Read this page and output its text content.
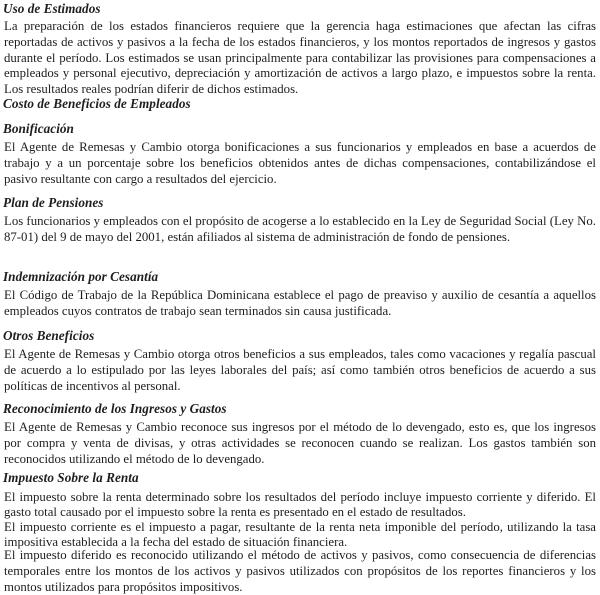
Uso de Estimados

La preparación de los estados financieros requiere que la gerencia haga estimaciones que afectan las cifras reportadas de activos y pasivos a la fecha de los estados financieros, y los montos reportados de ingresos y gastos durante el período. Los estimados se usan principalmente para contabilizar las provisiones para compensaciones a empleados y personal ejecutivo, depreciación y amortización de activos a largo plazo, e impuestos sobre la renta. Los resultados reales podrían diferir de dichos estimados.

Costo de Beneficios de Empleados
Bonificación

El Agente de Remesas y Cambio otorga bonificaciones a sus funcionarios y empleados en base a acuerdos de trabajo y a un porcentaje sobre los beneficios obtenidos antes de dichas compensaciones, contabilizándose el pasivo resultante con cargo a resultados del ejercicio.

Plan de Pensiones

Los funcionarios y empleados con el propósito de acogerse a lo establecido en la Ley de Seguridad Social (Ley No. 87-01) del 9 de mayo del 2001, están afiliados al sistema de administración de fondo de pensiones.

Indemnización por Cesantía

El Código de Trabajo de la República Dominicana establece el pago de preaviso y auxilio de cesantía a aquellos empleados cuyos contratos de trabajo sean terminados sin causa justificada.

Otros Beneficios

El Agente de Remesas y Cambio otorga otros beneficios a sus empleados, tales como vacaciones y regalía pascual de acuerdo a lo estipulado por las leyes laborales del país; así como también otros beneficios de acuerdo a sus políticas de incentivos al personal.

Reconocimiento de los Ingresos y Gastos

El Agente de Remesas y Cambio reconoce sus ingresos por el método de lo devengado, esto es, que los ingresos por compra y venta de divisas, y otras actividades se reconocen cuando se realizan. Los gastos también son reconocidos utilizando el método de lo devengado.

Impuesto Sobre la Renta
El impuesto sobre la renta determinado sobre los resultados del período incluye impuesto corriente y diferido. El gasto total causado por el impuesto sobre la renta es presentado en el estado de resultados.
El impuesto corriente es el impuesto a pagar, resultante de la renta neta imponible del período, utilizando la tasa impositiva establecida a la fecha del estado de situación financiera.

El impuesto diferido es reconocido utilizando el método de activos y pasivos, como consecuencia de diferencias temporales entre los montos de los activos y pasivos utilizados con propósitos de los reportes financieros y los montos utilizados para propósitos impositivos.
